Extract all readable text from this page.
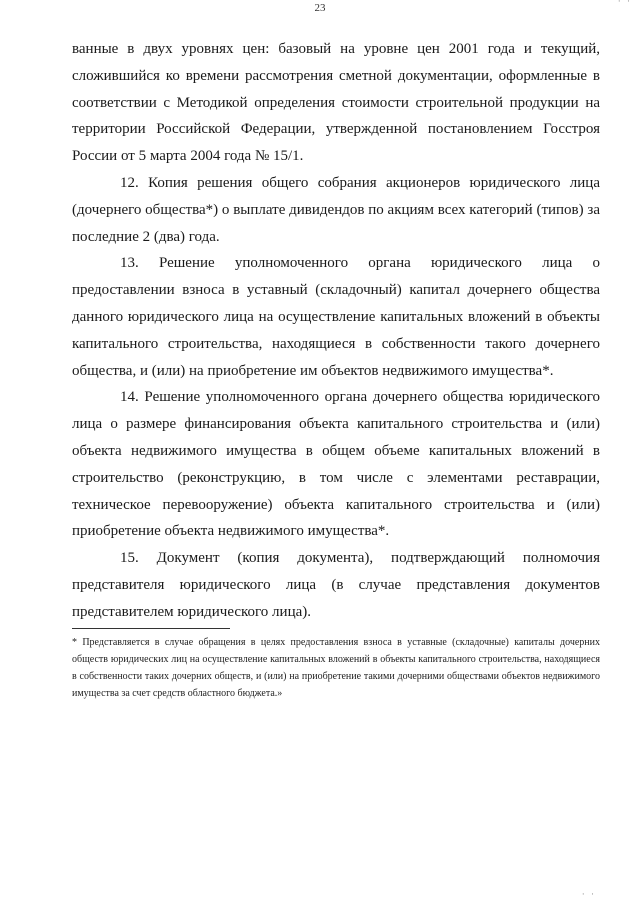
· ·
23

ванные в двух уровнях цен: базовый на уровне цен 2001 года и текущий, сложившийся ко времени рассмотрения сметной документации, оформленные в соответствии с Методикой определения стоимости строительной продукции на территории Российской Федерации, утвержденной постановлением Госстроя России от 5 марта 2004 года № 15/1.

12. Копия решения общего собрания акционеров юридического лица (дочернего общества*) о выплате дивидендов по акциям всех категорий (типов) за последние 2 (два) года.

13. Решение уполномоченного органа юридического лица о предоставлении взноса в уставный (складочный) капитал дочернего общества данного юридического лица на осуществление капитальных вложений в объекты капитального строительства, находящиеся в собственности такого дочернего общества, и (или) на приобретение им объектов недвижимого имущества*.

14. Решение уполномоченного органа дочернего общества юридического лица о размере финансирования объекта капитального строительства и (или) объекта недвижимого имущества в общем объеме капитальных вложений в строительство (реконструкцию, в том числе с элементами реставрации, техническое перевооружение) объекта капитального строительства и (или) приобретение объекта недвижимого имущества*.

15. Документ (копия документа), подтверждающий полномочия представителя юридического лица (в случае представления документов представителем юридического лица).

* Представляется в случае обращения в целях предоставления взноса в уставные (складочные) капиталы дочерних обществ юридических лиц на осуществление капитальных вложений в объекты капитального строительства, находящиеся в собственности таких дочерних обществ, и (или) на приобретение такими дочерними обществами объектов недвижимого имущества за счет средств областного бюджета.»

· ·
